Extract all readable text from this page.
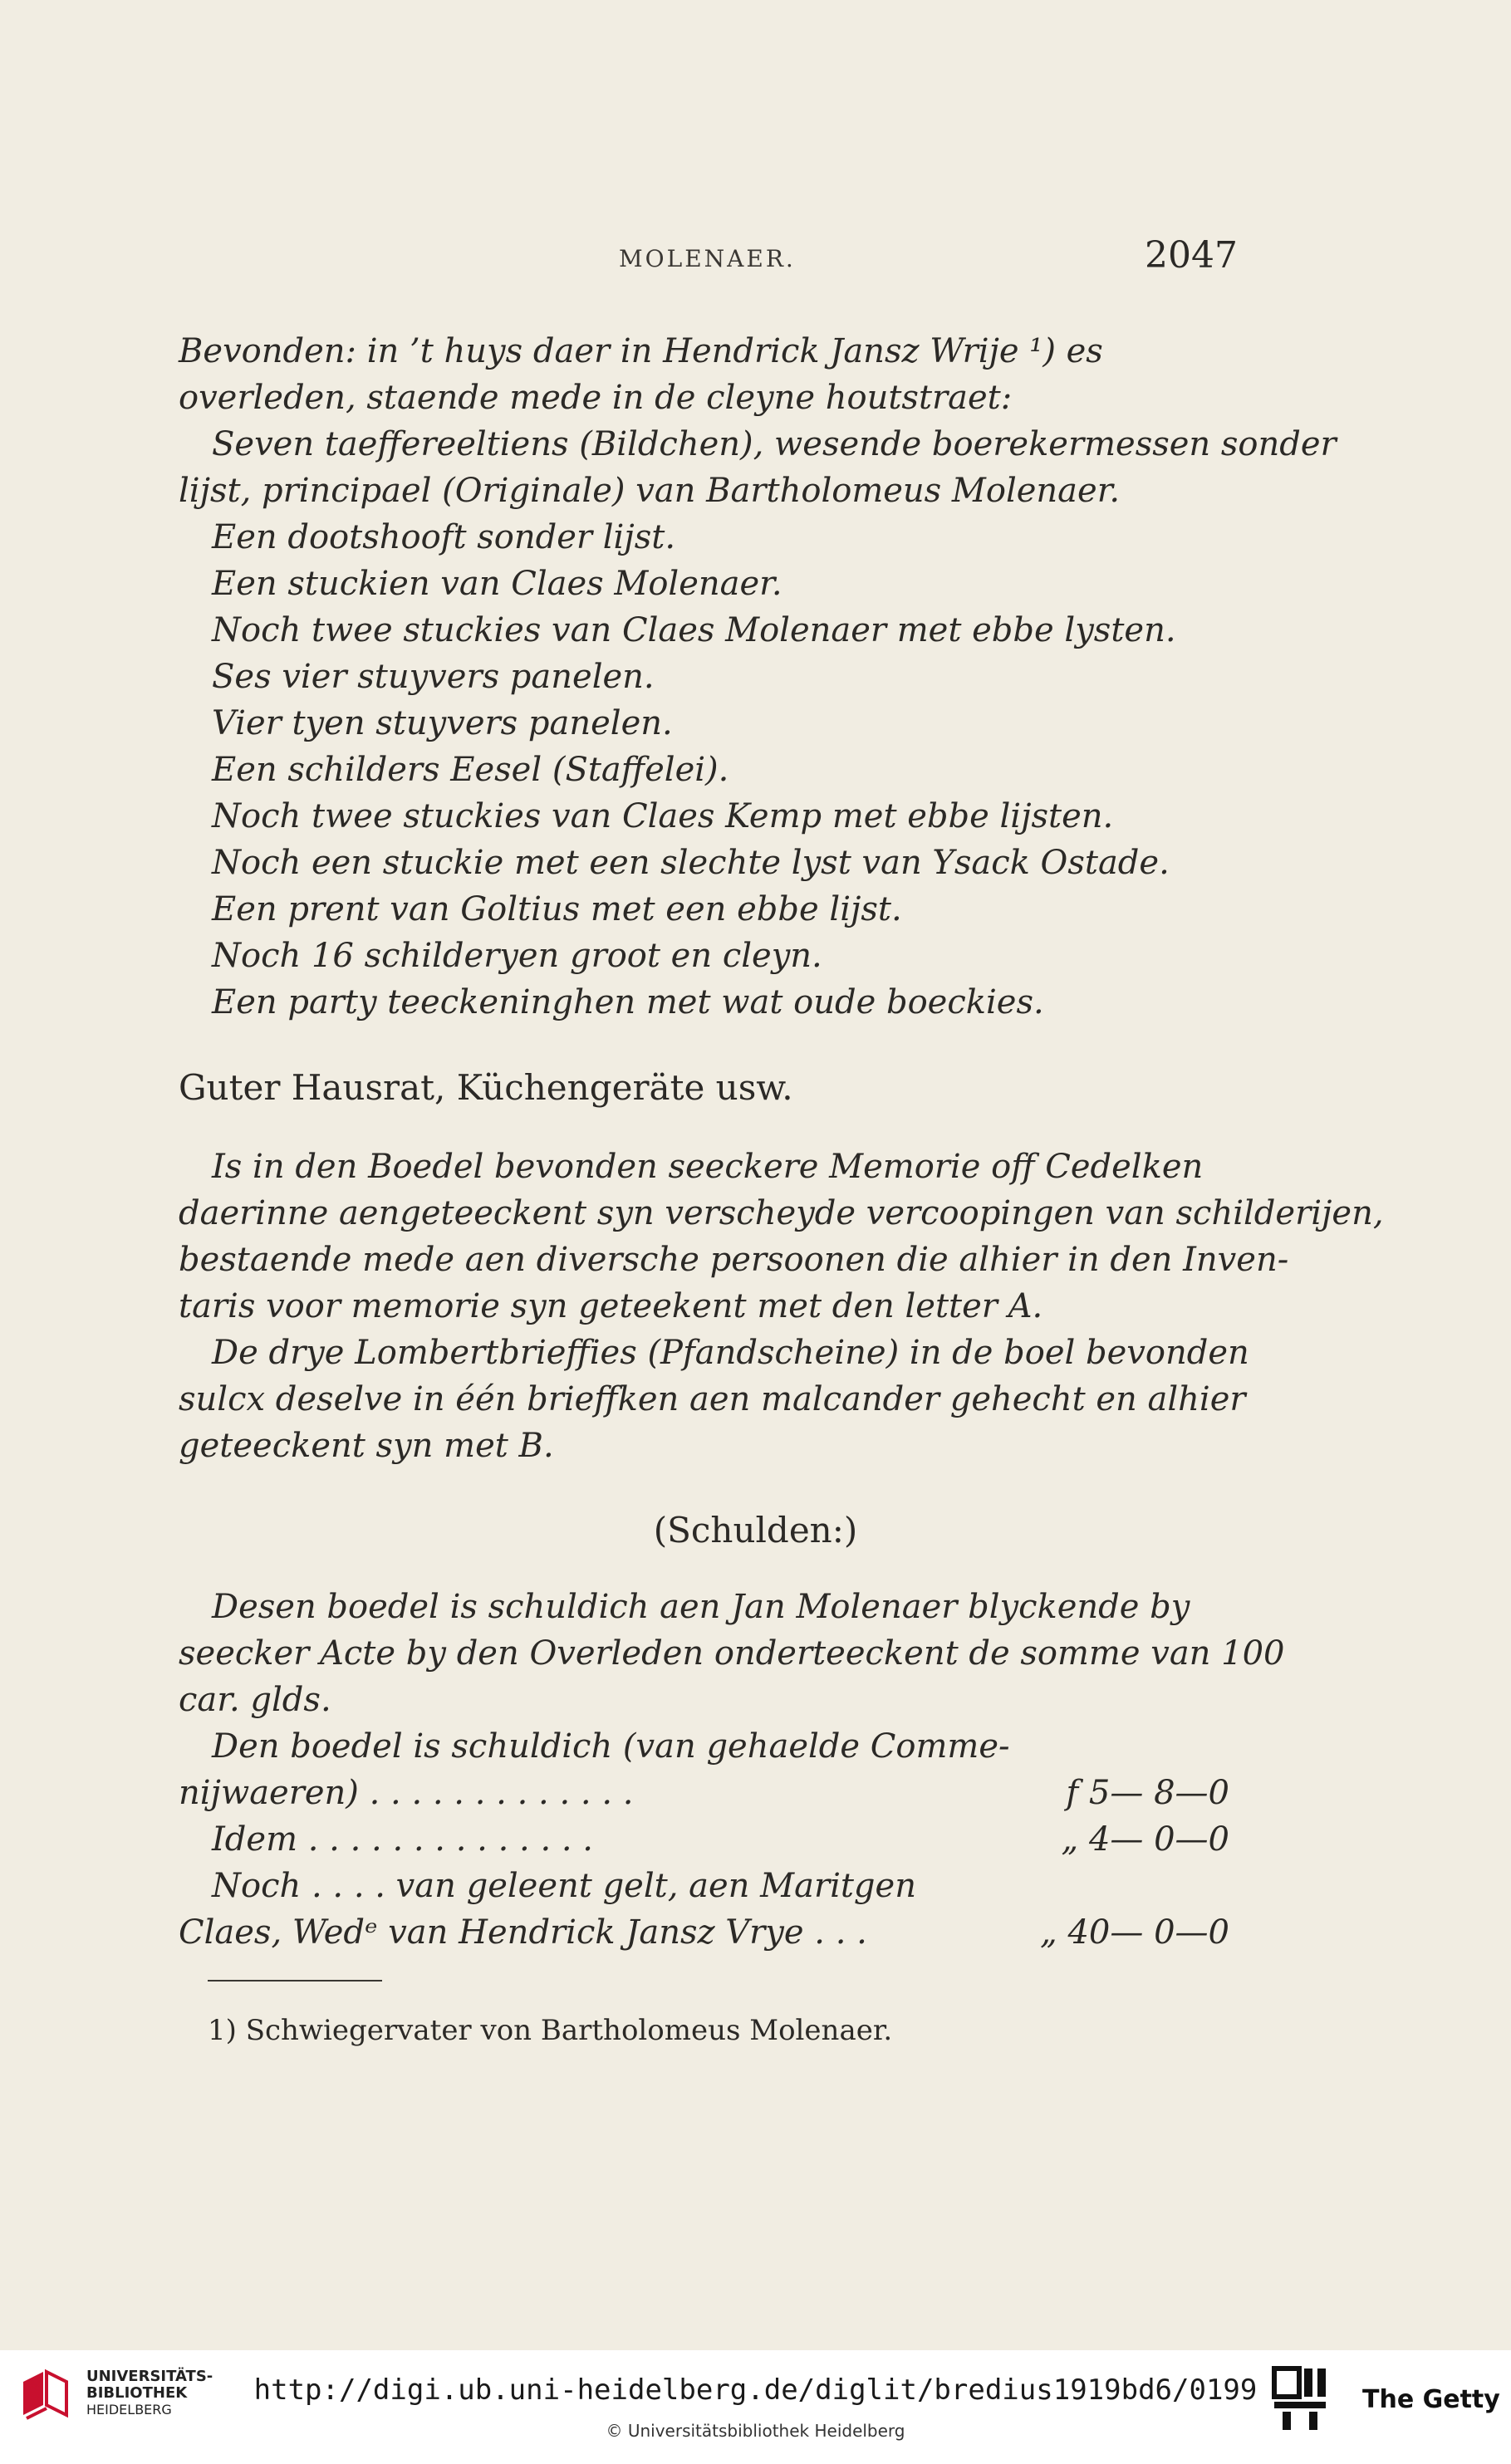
MOLENAER.	2047
Bevonden: in ’t huys daer in Hendrick Jansz Wrije ¹) es
overleden, staende mede in de cleyne houtstraet:
Seven taeffereeltiens (Bildchen), wesende boerekermessen sonder
lijst, principael (Originale) van Bartholomeus Molenaer.
Een dootshooft sonder lijst.
Een stuckien van Claes Molenaer.
Noch twee stuckies van Claes Molenaer met ebbe lysten.
Ses vier stuyvers panelen.
Vier tyen stuyvers panelen.
Een schilders Eesel (Staffelei).
Noch twee stuckies van Claes Kemp met ebbe lijsten.
Noch een stuckie met een slechte lyst van Ysack Ostade.
Een prent van Goltius met een ebbe lijst.
Noch 16 schilderyen groot en cleyn.
Een party teeckeninghen met wat oude boeckies.
Guter Hausrat, Küchengeräte usw.
Is in den Boedel bevonden seeckere Memorie off Cedelken
daerinne aengeteeckent syn verscheyde vercoopingen van schilderijen,
bestaende mede aen diversche persoonen die alhier in den Inven-
taris voor memorie syn geteekent met den letter A.
De drye Lombertbrieffies (Pfandscheine) in de boel bevonden
sulcx deselve in één brieffken aen malcander gehecht en alhier
geteeckent syn met B.
(Schulden:)
Desen boedel is schuldich aen Jan Molenaer blyckende by
seecker Acte by den Overleden onderteeckent de somme van 100
car. glds.
Den boedel is schuldich (van gehaelde Comme-
nijwaeren) . . . . . . . . . . . . .	f 5— 8—0
Idem . . . . . . . . . . . . . .	„ 4— 0—0
Noch . . . . van geleent gelt, aen Maritgen
Claes, Wedᵉ van Hendrick Jansz Vrye . . .	„ 40— 0—0
1) Schwiegervater von Bartholomeus Molenaer.
UNIVERSITÄTS-
BIBLIOTHEK
HEIDELBERG
http://digi.ub.uni-heidelberg.de/diglit/bredius1919bd6/0199
© Universitätsbibliothek Heidelberg
The Getty
